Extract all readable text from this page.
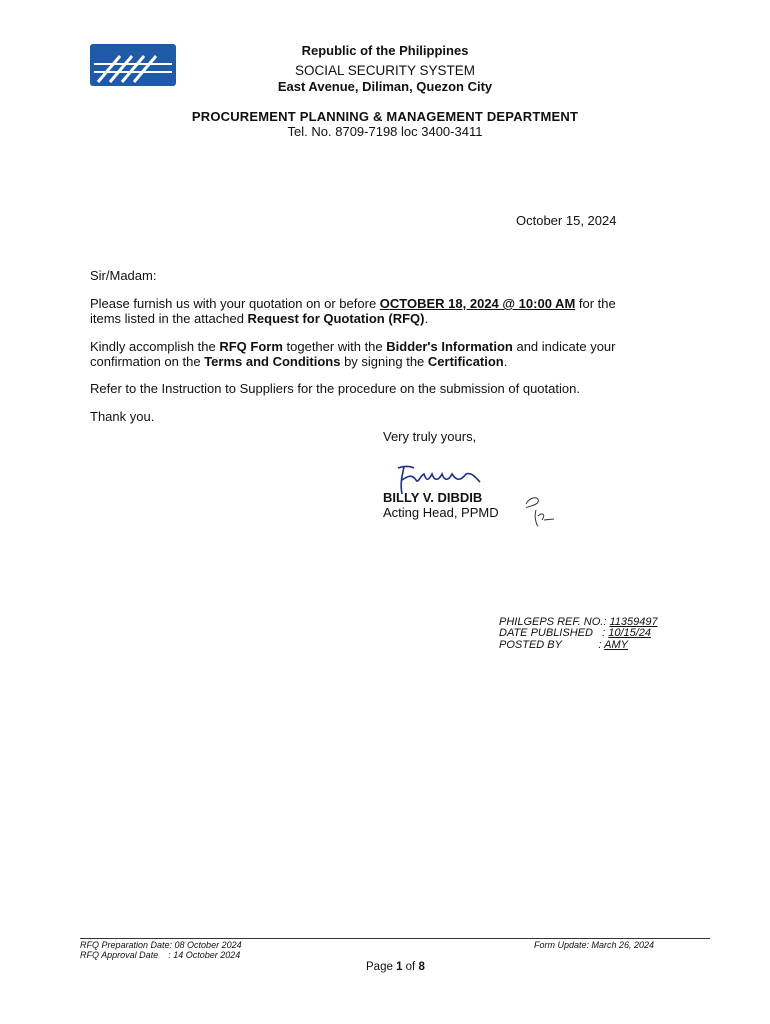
Republic of the Philippines
SOCIAL SECURITY SYSTEM
East Avenue, Diliman, Quezon City
PROCUREMENT PLANNING & MANAGEMENT DEPARTMENT
Tel. No. 8709-7198 loc 3400-3411
October 15, 2024
Sir/Madam:
Please furnish us with your quotation on or before OCTOBER 18, 2024 @ 10:00 AM for the
items listed in the attached Request for Quotation (RFQ).
Kindly accomplish the RFQ Form together with the Bidder's Information and indicate your
confirmation on the Terms and Conditions by signing the Certification.
Refer to the Instruction to Suppliers for the procedure on the submission of quotation.
Thank you.
Very truly yours,
BILLY V. DIBDIB
Acting Head, PPMD
PHILGEPS REF. NO.: 11359497
DATE PUBLISHED   : 10/15/24
POSTED BY            : AMY
RFQ Preparation Date: 08 October 2024
RFQ Approval Date    : 14 October 2024
Form Update: March 26, 2024
Page 1 of 8
